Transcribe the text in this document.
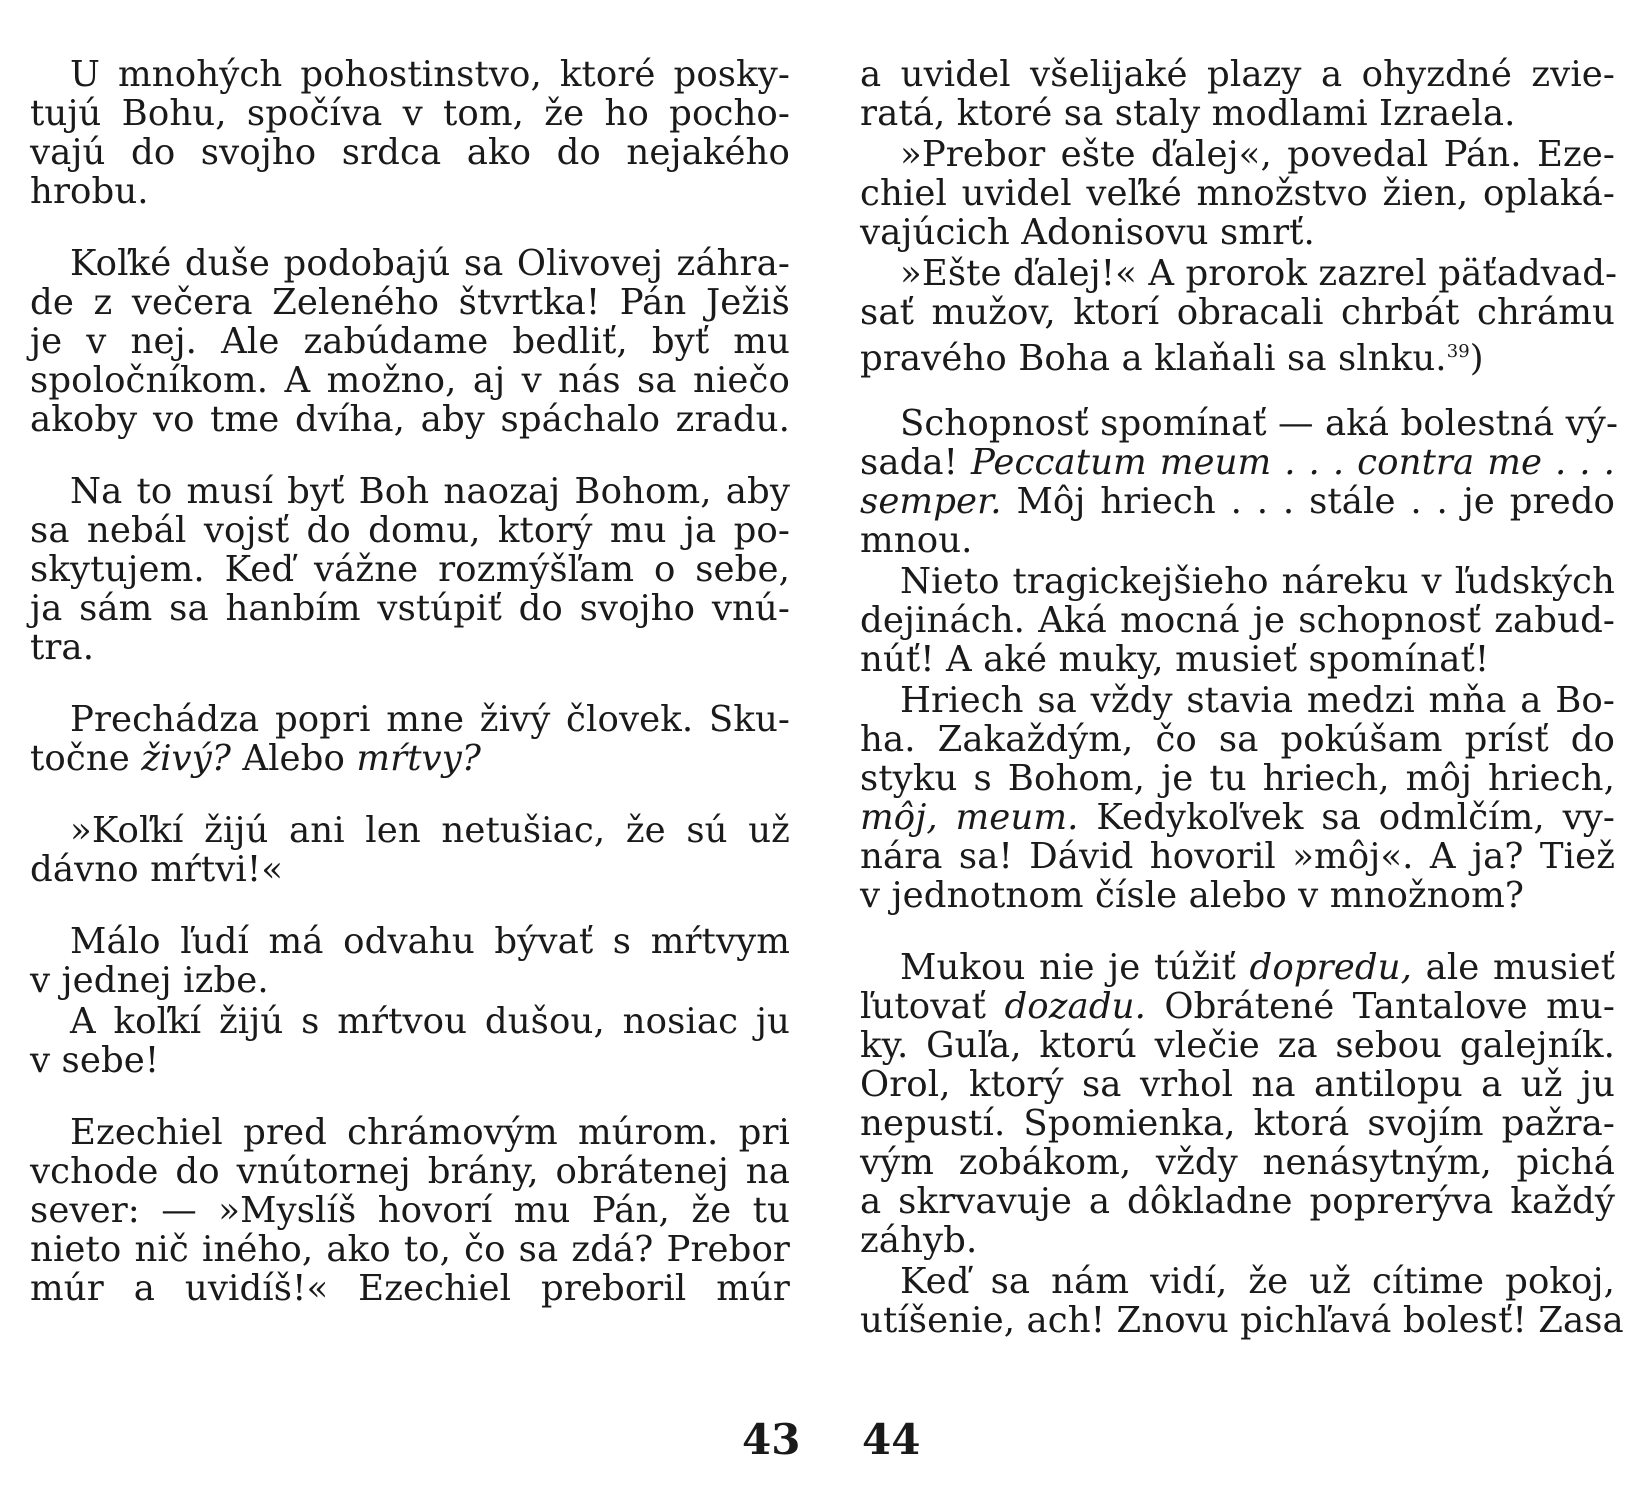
U mnohých pohostinstvo, ktoré posky-
tujú Bohu, spočíva v tom, že ho pocho-
vajú do svojho srdca ako do nejakého
hrobu.
Koľké duše podobajú sa Olivovej záhra-
de z večera Zeleného štvrtka! Pán Ježiš
je v nej. Ale zabúdame bedliť, byť mu
spoločníkom. A možno, aj v nás sa niečo
akoby vo tme dvíha, aby spáchalo zradu.
Na to musí byť Boh naozaj Bohom, aby
sa nebál vojsť do domu, ktorý mu ja po-
skytujem. Keď vážne rozmýšľam o sebe,
ja sám sa hanbím vstúpiť do svojho vnú-
tra.
Prechádza popri mne živý človek. Sku-
točne živý? Alebo mŕtvy?
»Koľkí žijú ani len netušiac, že sú už
dávno mŕtvi!«
Málo ľudí má odvahu bývať s mŕtvym
v jednej izbe.
A koľkí žijú s mŕtvou dušou, nosiac ju
v sebe!
Ezechiel pred chrámovým múrom. pri
vchode do vnútornej brány, obrátenej na
sever: — »Myslíš hovorí mu Pán, že tu
nieto nič iného, ako to, čo sa zdá? Prebor
múr a uvidíš!« Ezechiel preboril múr
a uvidel všelijaké plazy a ohyzdné zvie-
ratá, ktoré sa staly modlami Izraela.
»Prebor ešte ďalej«, povedal Pán. Eze-
chiel uvidel veľké množstvo žien, oplaká-
vajúcich Adonisovu smrť.
»Ešte ďalej!« A prorok zazrel päťadvad-
sať mužov, ktorí obracali chrbát chrámu
pravého Boha a klaňali sa slnku.$^{39}$)
Schopnosť spomínať — aká bolestná vý-
sada! Peccatum meum . . . contra me . . .
semper. Môj hriech . . . stále . . je predo
mnou.
Nieto tragickejšieho náreku v ľudských
dejinách. Aká mocná je schopnosť zabud-
núť! A aké muky, musieť spomínať!
Hriech sa vždy stavia medzi mňa a Bo-
ha. Zakaždým, čo sa pokúšam prísť do
styku s Bohom, je tu hriech, môj hriech,
môj, meum. Kedykoľvek sa odmlčím, vy-
nára sa! Dávid hovoril »môj«. A ja? Tiež
v jednotnom čísle alebo v množnom?
Mukou nie je túžiť dopredu, ale musieť
ľutovať dozadu. Obrátené Tantalove mu-
ky. Guľa, ktorú vlečie za sebou galejník.
Orol, ktorý sa vrhol na antilopu a už ju
nepustí. Spomienka, ktorá svojím pažra-
vým zobákom, vždy nenásytným, pichá
a skrvavuje a dôkladne poprerýva každý
záhyb.
Keď sa nám vidí, že už cítime pokoj,
utíšenie, ach! Znovu pichľavá bolesť! Zasa
43 44
